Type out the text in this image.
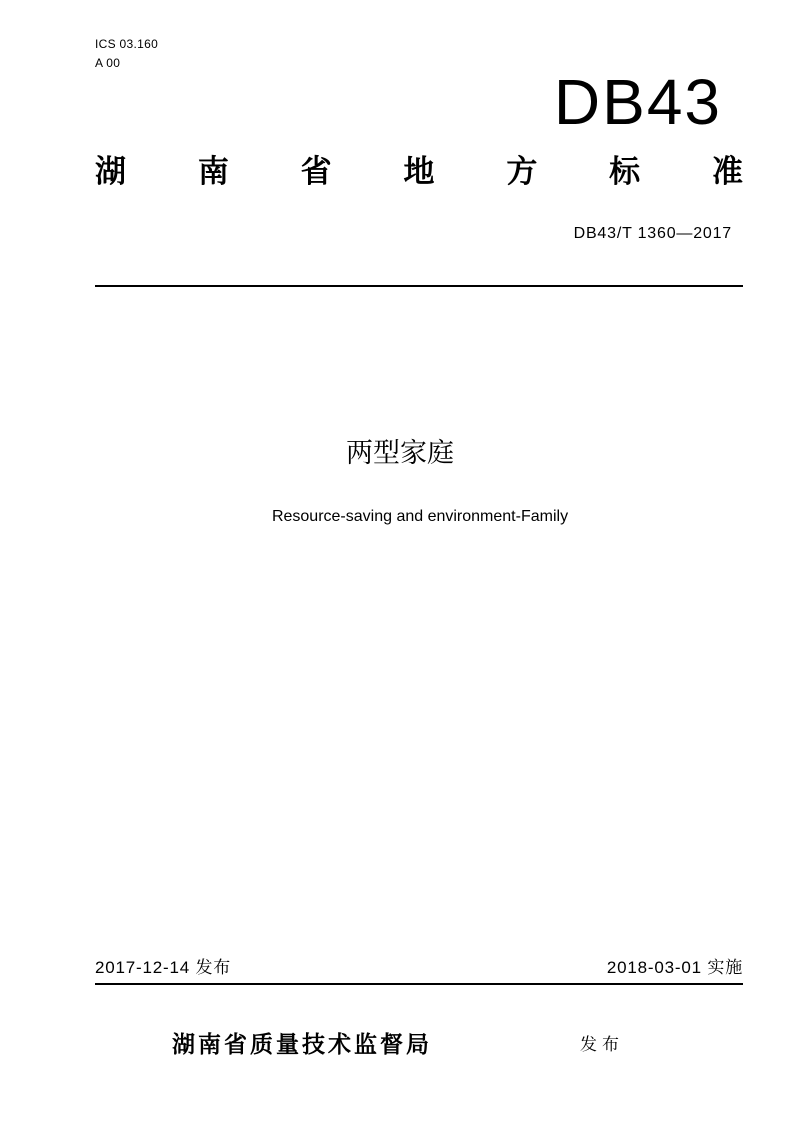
ICS 03.160
A 00
DB43
湖 南 省 地 方 标 准
DB43/T 1360—2017
两型家庭
Resource-saving and environment-Family
2017-12-14 发布	2018-03-01 实施
湖南省质量技术监督局	发布
